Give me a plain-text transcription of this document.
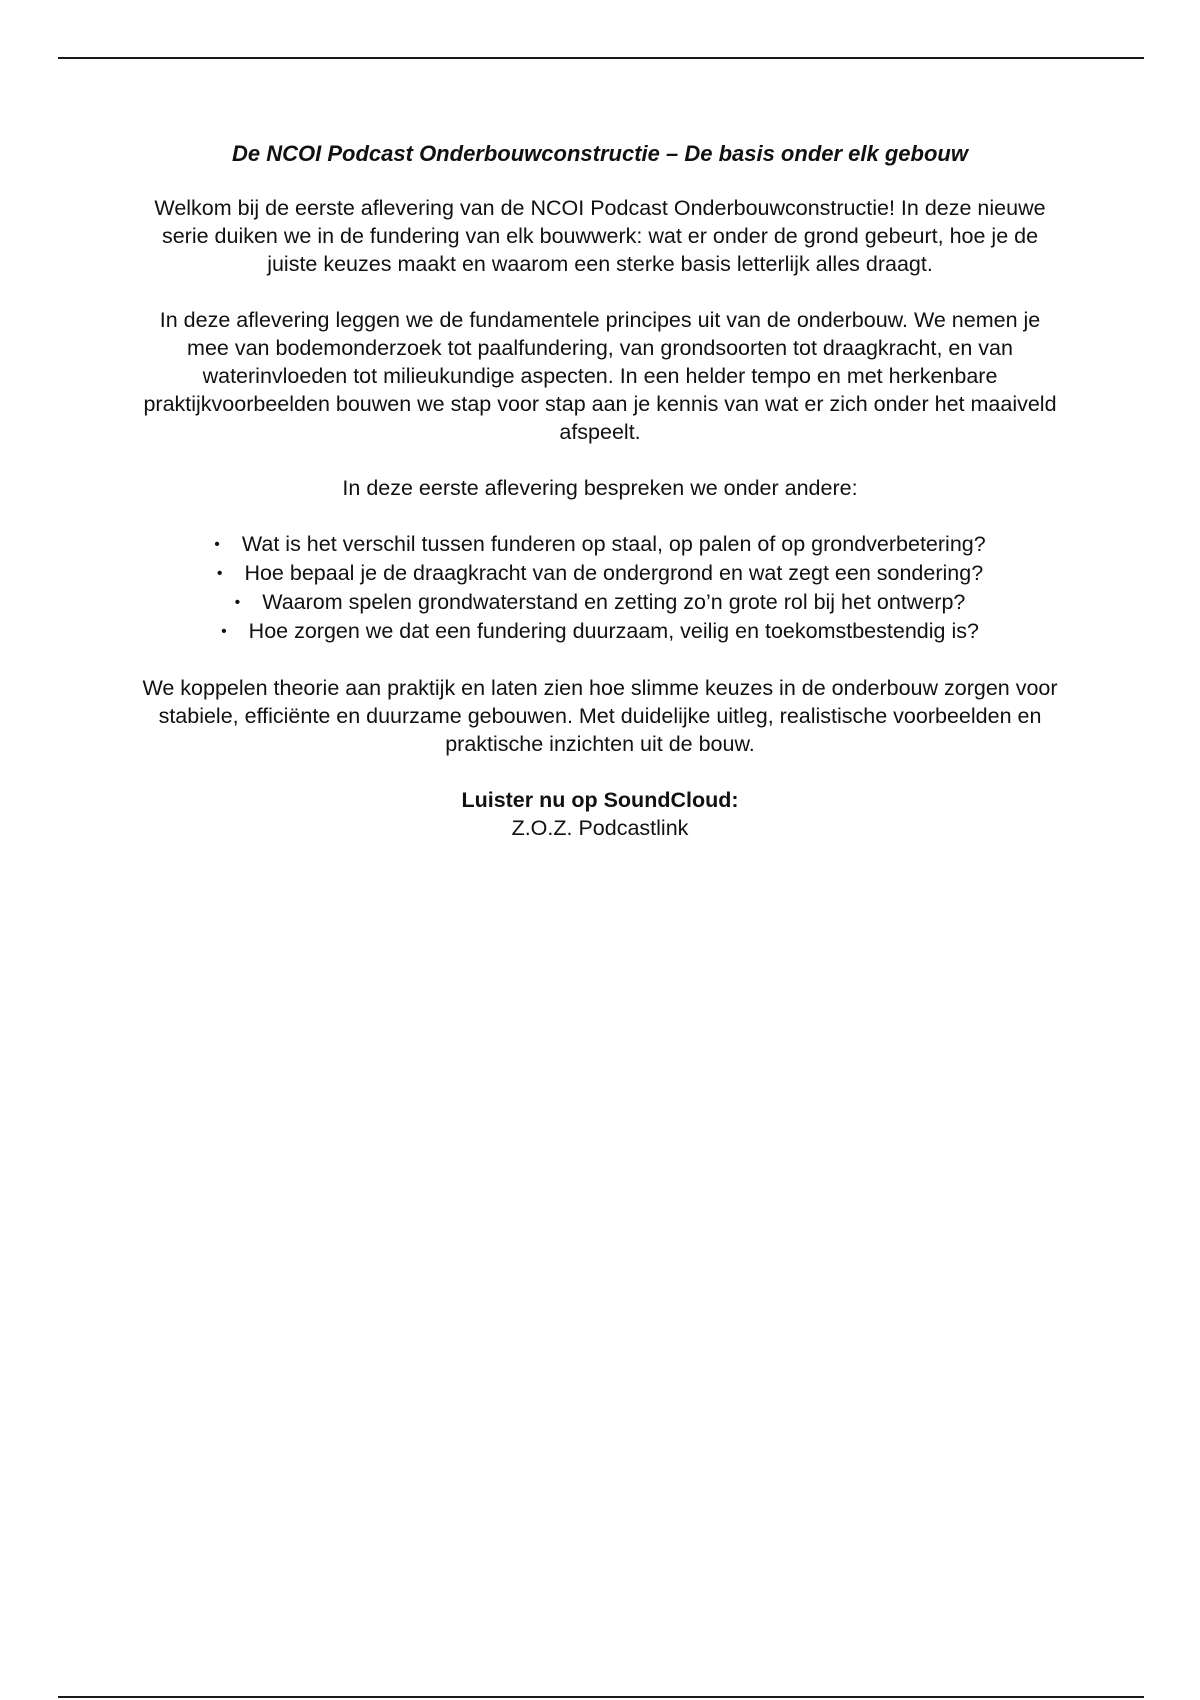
De NCOI Podcast Onderbouwconstructie – De basis onder elk gebouw

Welkom bij de eerste aflevering van de NCOI Podcast Onderbouwconstructie! In deze nieuwe serie duiken we in de fundering van elk bouwwerk: wat er onder de grond gebeurt, hoe je de juiste keuzes maakt en waarom een sterke basis letterlijk alles draagt.

In deze aflevering leggen we de fundamentele principes uit van de onderbouw. We nemen je mee van bodemonderzoek tot paalfundering, van grondsoorten tot draagkracht, en van waterinvloeden tot milieukundige aspecten. In een helder tempo en met herkenbare praktijkvoorbeelden bouwen we stap voor stap aan je kennis van wat er zich onder het maaiveld afspeelt.

In deze eerste aflevering bespreken we onder andere:

• Wat is het verschil tussen funderen op staal, op palen of op grondverbetering?
• Hoe bepaal je de draagkracht van de ondergrond en wat zegt een sondering?
• Waarom spelen grondwaterstand en zetting zo’n grote rol bij het ontwerp?
• Hoe zorgen we dat een fundering duurzaam, veilig en toekomstbestendig is?

We koppelen theorie aan praktijk en laten zien hoe slimme keuzes in de onderbouw zorgen voor stabiele, efficiënte en duurzame gebouwen. Met duidelijke uitleg, realistische voorbeelden en praktische inzichten uit de bouw.

Luister nu op SoundCloud:

Z.O.Z. Podcastlink
